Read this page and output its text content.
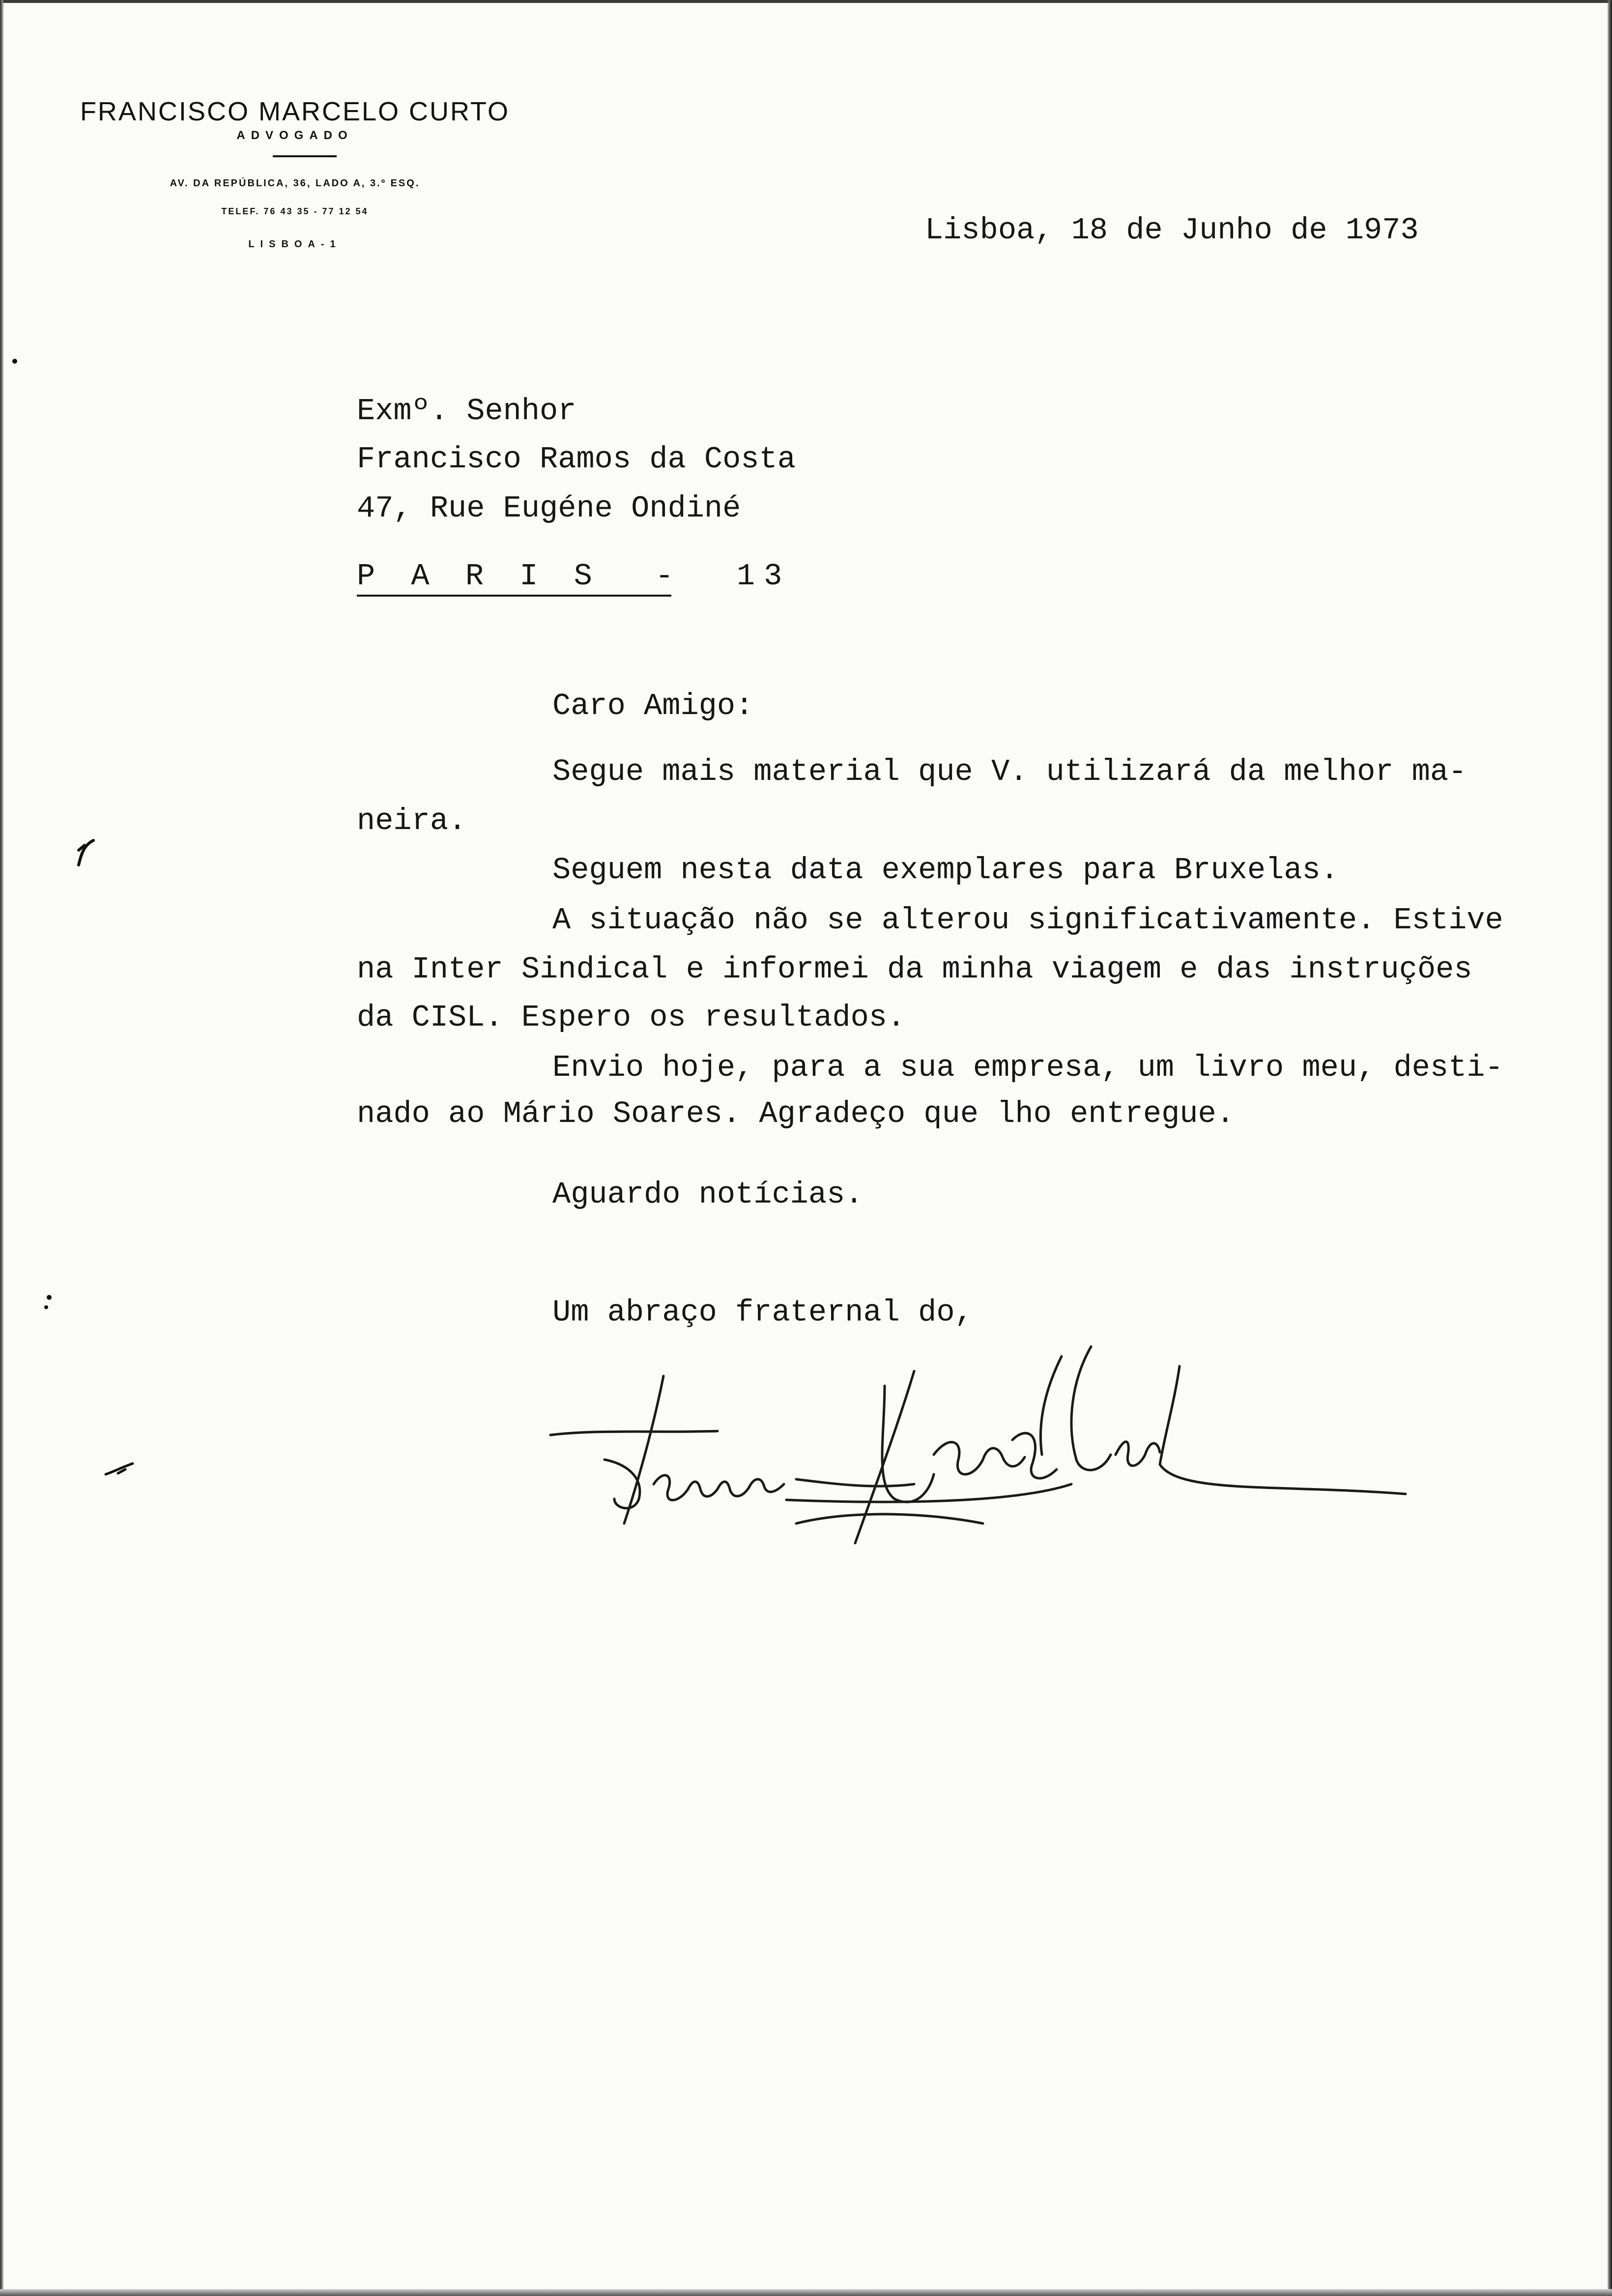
FRANCISCO MARCELO CURTO
ADVOGADO
AV. DA REPÚBLICA, 36, LADO A, 3.º ESQ.
TELEF. 76 43 35 - 77 12 54
LISBOA-1	Lisboa, 18 de Junho de 1973
Exmº. Senhor
Francisco Ramos da Costa
47, Rue Eugéne Ondiné
P A R I S  -  13
Caro Amigo:
Segue mais material que V. utilizará da melhor ma-
neira.
Seguem nesta data exemplares para Bruxelas.
A situação não se alterou significativamente. Estive
na Inter Sindical e informei da minha viagem e das instruções
da CISL. Espero os resultados.
Envio hoje, para a sua empresa, um livro meu, desti-
nado ao Mário Soares. Agradeço que lho entregue.
Aguardo notícias.
Um abraço fraternal do,
